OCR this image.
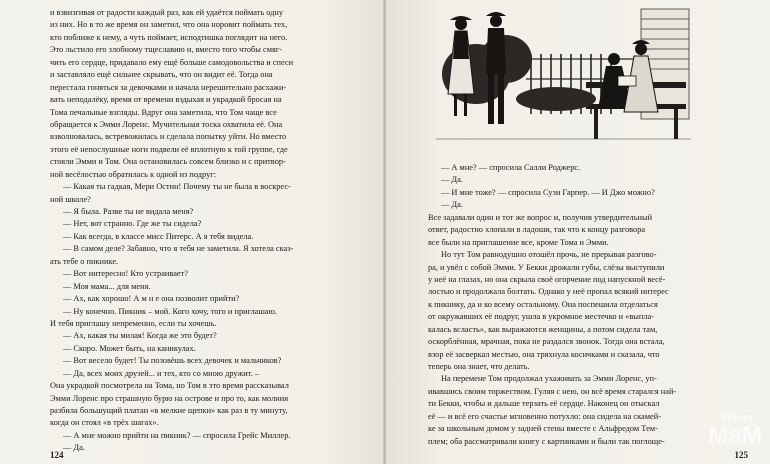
и взвизгивая от радости каждый раз, как ей удаётся поймать одну
из них. Но в то же время он заметил, что она норовит поймать тех,
кто поближе к нему, а чуть поймает, исподтишка поглядит на него.
Это льстило его злобному тщеславию и, вместо того чтобы смяг-
чить его сердце, придавало ему ещё больше самодовольства и спеси
и заставляло ещё сильнее скрывать, что он видит её. Тогда она
перестала гоняться за девочками и начала нерешительно расхажи-
вать неподалёку, время от времени вздыхая и украдкой бросая на
Тома печальные взгляды. Вдруг она заметила, что Том чаще все
обращается к Эмми Лоренс. Мучительная тоска охватила её. Она
взволновалась, встревожилась и сделала попытку уйти. Но вместо
этого её непослушные ноги подвели её вплотную к той группе, где
стояли Эмми и Том. Она остановилась совсем близко и с притвор-
ной весёлостью обратилась к одной из подруг:
— Какая ты гадкая, Мери Остин! Почему ты не была в воскрес-
ной школе?
— Я была. Разве ты не видала меня?
— Нет, вот странно. Где же ты сидела?
— Как всегда, в классе мисс Питерс. А я тебя видела.
— В самом деле? Забавно, что я тебя не заметила. Я хотела сказ-
ать тебе о пикнике.
— Вот интересно! Кто устраивает?
— Моя мама... для меня.
— Ах, как хорошо! А м н е она позволит прийти?
— Ну конечно. Пикник – мой. Кого хочу, того и приглашаю.
И тебя приглашу непременно, если ты хочешь.
— Ах, какая ты милая! Когда же это будет?
— Скоро. Может быть, на каникулах.
— Вот весело будет! Ты позовёшь всех девочек и мальчиков?
— Да, всех моих друзей... и тех, кто со мною дружит. –
Она украдкой посмотрела на Тома, но Том в это время рассказывал
Эмми Лоренс про страшную бурю на острове и про то, как молния
разбила большущий платан «в мелкие щепки» как раз в ту минуту,
когда он стоял «в трёх шагах».
— А мне можно прийти на пикник? — спросила Грейс Миллер.
— Да.
124
— А мне? — спросила Салли Роджерс.
— Да.
— И мне тоже? — спросила Сузи Гарпер. — И Джо можно?
— Да.
Все задавали один и тот же вопрос и, получив утвердительный
ответ, радостно хлопали в ладоши, так что к концу разговора
все были на приглашение все, кроме Тома и Эмми.
Но тут Том равнодушно отошёл прочь, не прерывая разгово-
ра, и увёл с собой Эмми. У Бекки дрожали губы, слёзы выступили
у неё на глазах, но она скрыла своё огорчение под напускной весё-
лостью и продолжала болтать. Однако у неё пропал всякий интерес
к пикнику, да и ко всему остальному. Она поспешила отделаться
от окружавших её подруг, ушла в укромное местечко и «выпла-
калась всласть», как выражаются женщины, а потом сидела там,
оскорблённая, мрачная, пока не раздался звонок. Тогда она встала,
взор её засверкал местью, она тряхнула косичками и сказала, что
теперь она знает, что делать.
На перемене Том продолжал ухаживать за Эмми Лоренс, уп-
ивавшись своим торжеством. Гуляя с нею, он всё время старался най-
ти Бекки, чтобы и дальше терзать её сердце. Наконец он отыскал
её — и всё его счастье мгновенно потухло: она сидела на скамей-
ке за школьным домом у задней стены вместе с Альфредом Тем-
плем; оба рассматривали книгу с картинками и были так поглоще-
125
Мама
МаМ
